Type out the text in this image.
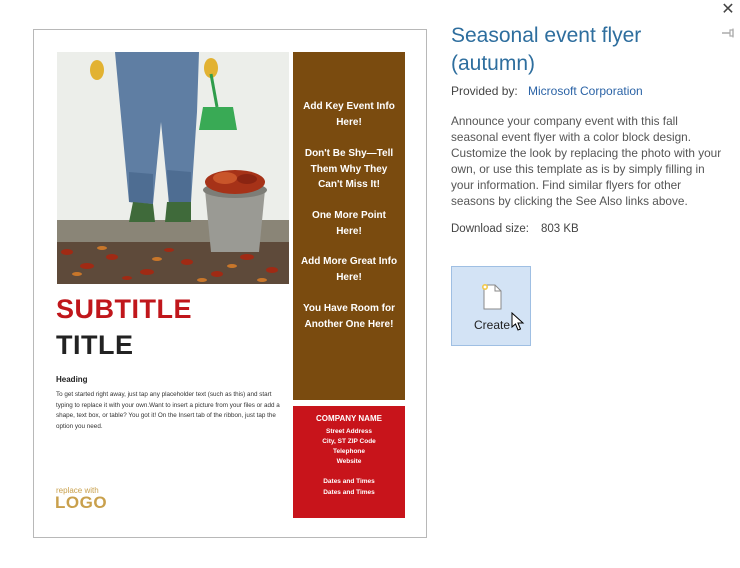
✕
Add Key Event Info Here!
Don't Be Shy—Tell Them Why They Can't Miss It!
One More Point Here!
Add More Great Info Here!
You Have Room for Another One Here!
COMPANY NAME
Street Address
City, ST ZIP Code
Telephone
Website
Dates and Times
Dates and Times
SUBTITLE
TITLE
Heading
To get started right away, just tap any placeholder text (such as this) and start typing to replace it with your own.Want to insert a picture from your files or add a shape, text box, or table? You got it! On the Insert tab of the ribbon, just tap the option you need.
replace with
LOGO
Seasonal event flyer
(autumn)
Provided by: Microsoft Corporation
Announce your company event with this fall seasonal event flyer with a color block design. Customize the look by replacing the photo with your own, or use this template as is by simply filling in your information. Find similar flyers for other seasons by clicking the See Also links above.
Download size: 803 KB
Create
